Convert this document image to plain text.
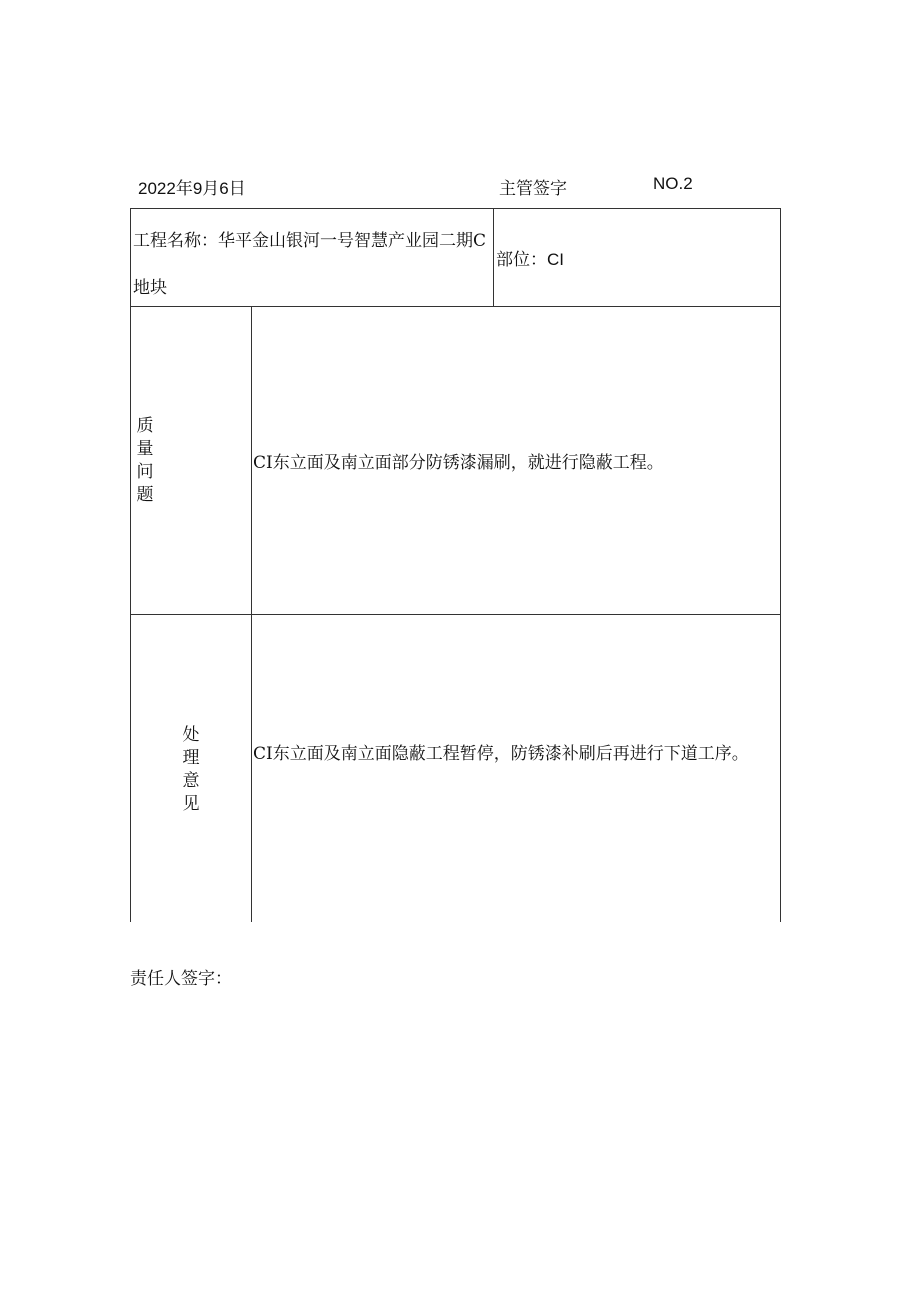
2022年9月6日	主管签字	NO.2
工程名称：华平金山银河一号智慧产业园二期C地块
部位：CI
质量问题
CI东立面及南立面部分防锈漆漏刷，就进行隐蔽工程。
处理意见
CI东立面及南立面隐蔽工程暂停，防锈漆补刷后再进行下道工序。
责任人签字：
